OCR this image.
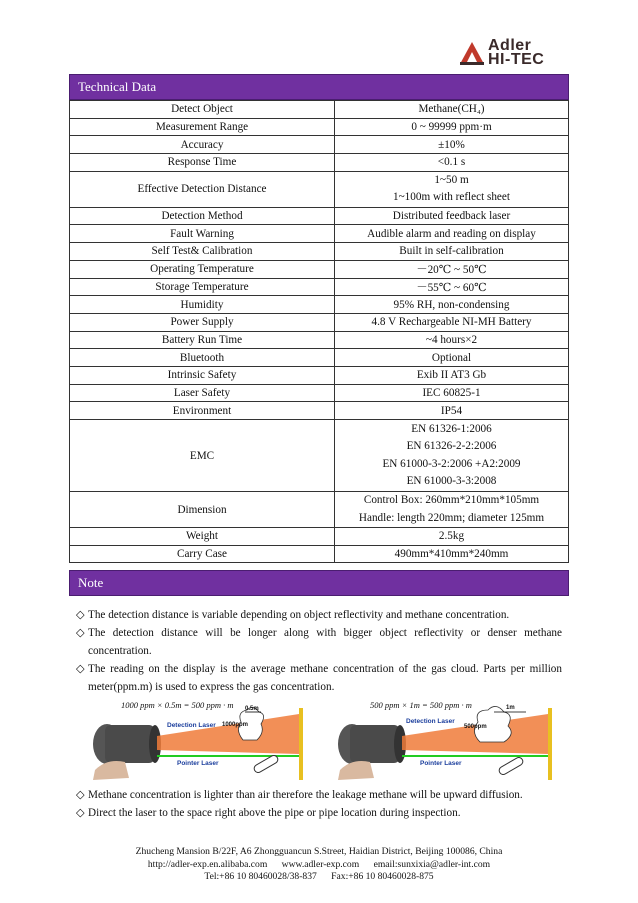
Adler
HI-TEC
Technical Data
Detect Object	Methane(CH₄)
Measurement Range	0 ~ 99999 ppm·m
Accuracy	±10%
Response Time	<0.1 s
Effective Detection Distance	1~50 m
1~100m with reflect sheet

Detection Method	Distributed feedback laser
Fault Warning	Audible alarm and reading on display
Self Test& Calibration	Built in self-calibration
Operating Temperature	－20℃ ~ 50℃
Storage Temperature	－55℃ ~ 60℃
Humidity	95% RH, non-condensing
Power Supply	4.8 V Rechargeable NI-MH Battery
Battery Run Time	~4 hours×2
Bluetooth	Optional
Intrinsic Safety	Exib II AT3 Gb
Laser Safety	IEC 60825-1
Environment	IP54
EMC	EN 61326-1:2006
EN 61326-2-2:2006
EN 61000-3-2:2006 +A2:2009
EN 61000-3-3:2008

Dimension	Control Box: 260mm*210mm*105mm
Handle: length 220mm; diameter 125mm

Weight	2.5kg
Carry Case	490mm*410mm*240mm
Note
◇ The detection distance is variable depending on object reflectivity and methane concentration.
◇ The detection distance will be longer along with bigger object reflectivity or denser methane
concentration.
◇ The reading on the display is the average methane concentration of the gas cloud. Parts per million
meter(ppm.m) is used to express the gas concentration.
1000 ppm × 0.5m = 500 ppm · m 0.5m
Detection Laser 1000ppm
Pointer Laser
500 ppm × 1m = 500 ppm · m	1m
Detection Laser
500ppm
Pointer Laser
◇ Methane concentration is lighter than air therefore the leakage methane will be upward diffusion.
◇ Direct the laser to the space right above the pipe or pipe location during inspection.
Zhucheng Mansion B/22F, A6 Zhongguancun S.Street, Haidian District, Beijing 100086, China
http://adler-exp.en.alibaba.com      www.adler-exp.com      email:sunxixia@adler-int.com
Tel:+86 10 80460028/38-837      Fax:+86 10 80460028-875
